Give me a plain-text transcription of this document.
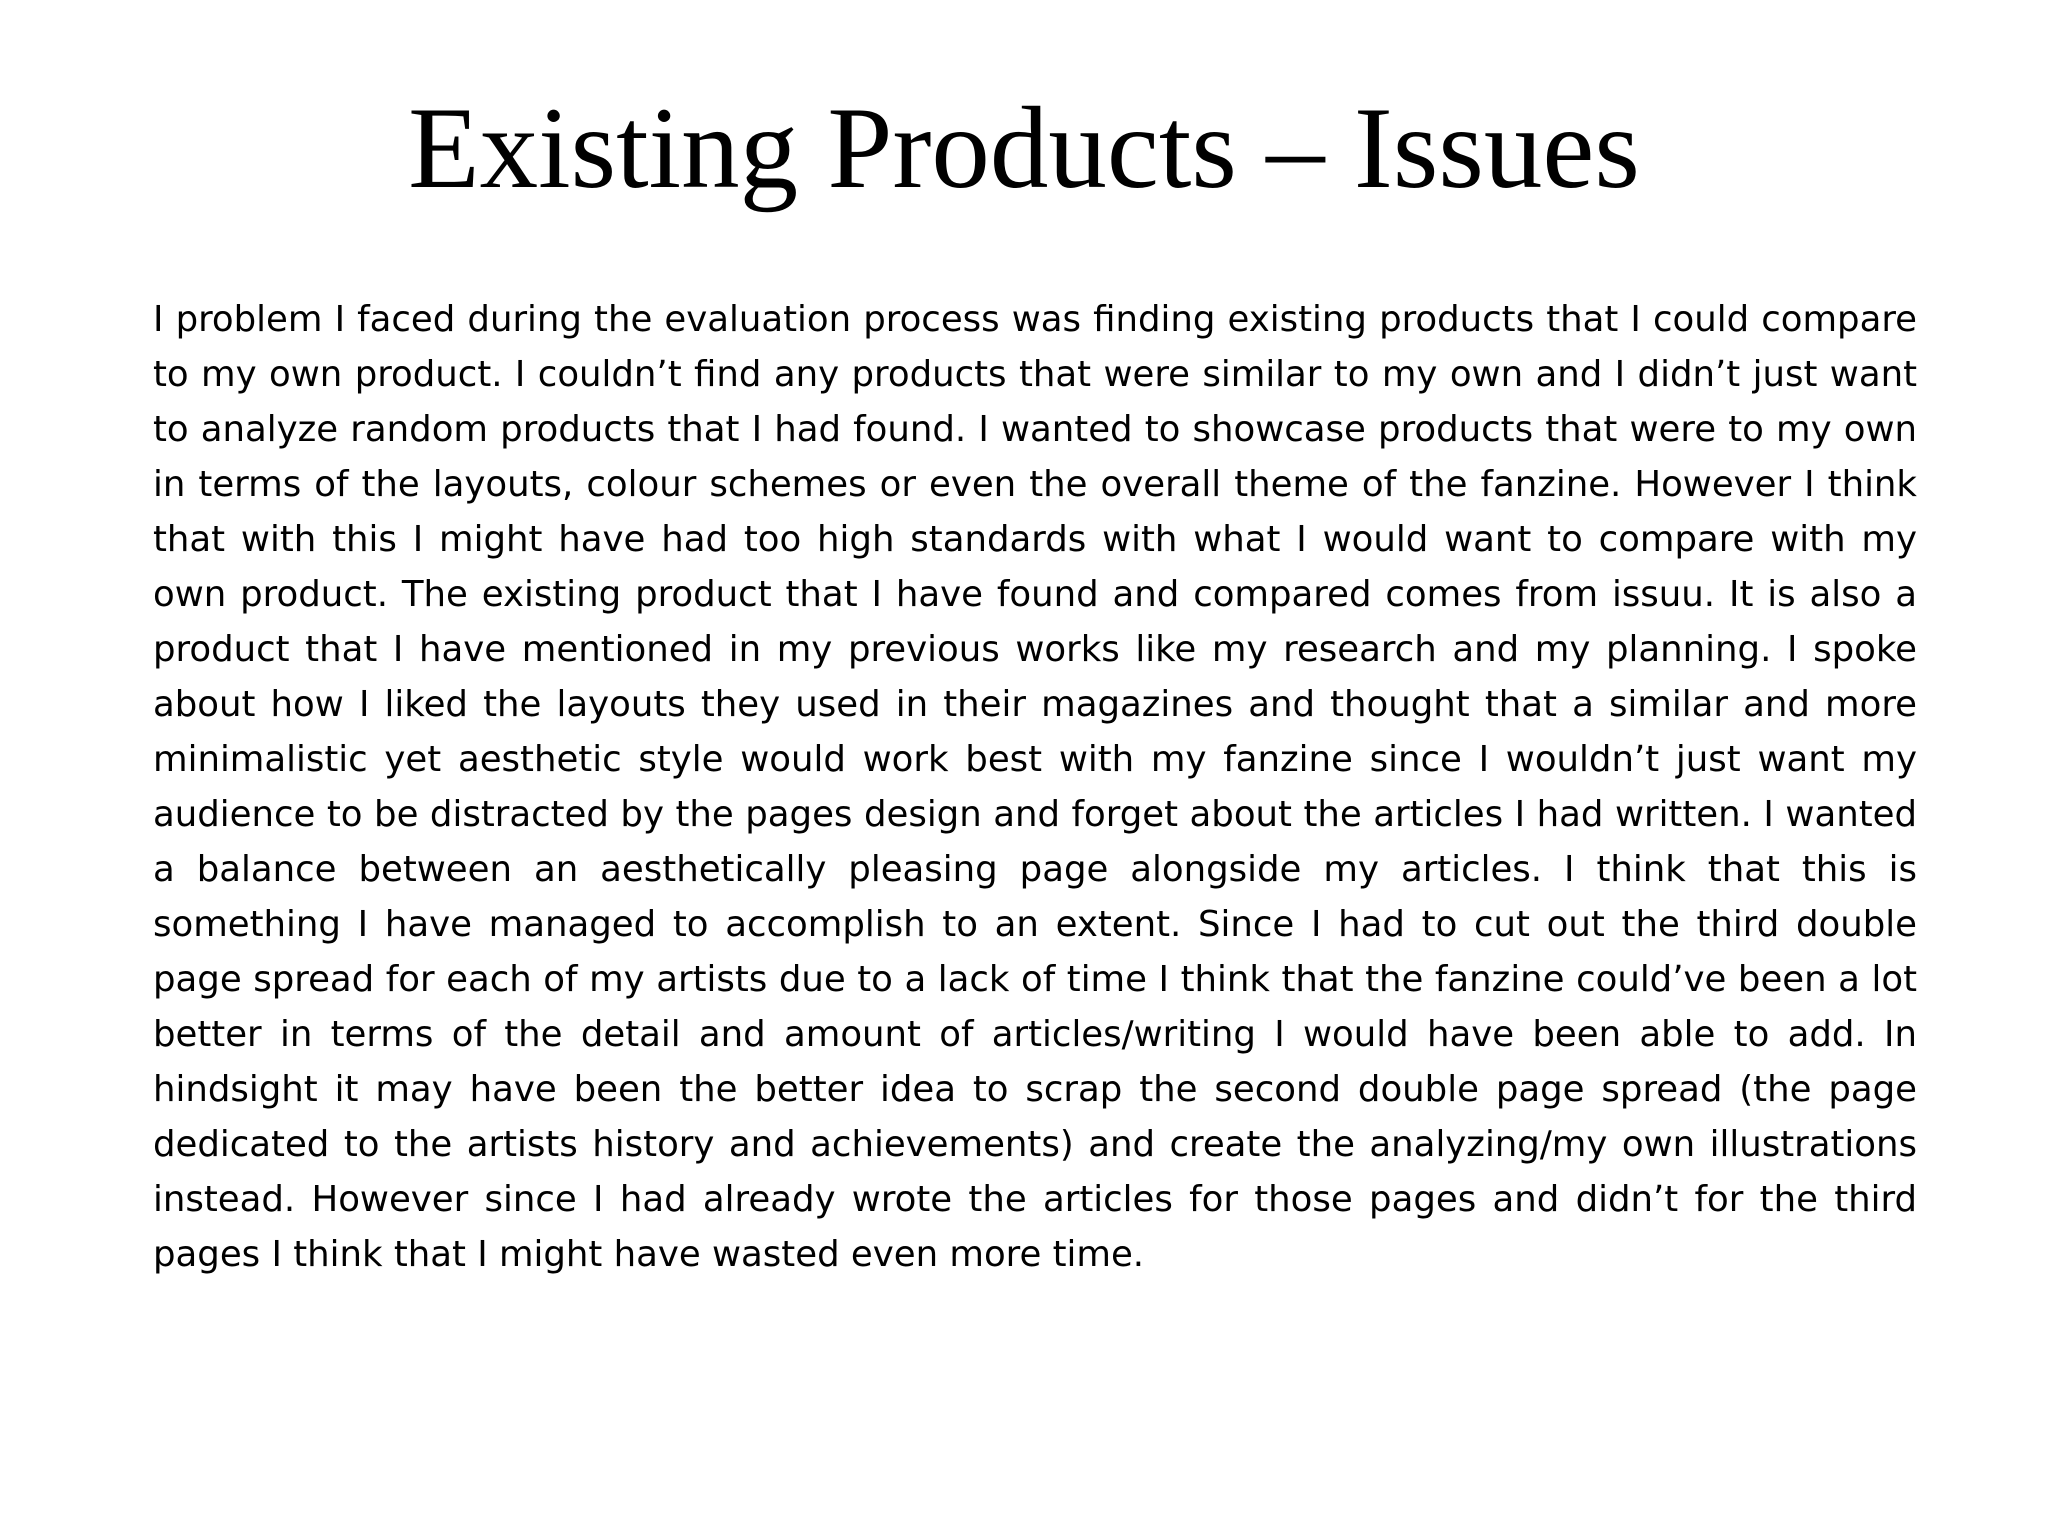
Existing Products – Issues

I problem I faced during the evaluation process was finding existing products that I could compare to my own product. I couldn’t find any products that were similar to my own and I didn’t just want to analyze random products that I had found. I wanted to showcase products that were to my own in terms of the layouts, colour schemes or even the overall theme of the fanzine. However I think that with this I might have had too high standards with what I would want to compare with my own product. The existing product that I have found and compared comes from issuu. It is also a product that I have mentioned in my previous works like my research and my planning. I spoke about how I liked the layouts they used in their magazines and thought that a similar and more minimalistic yet aesthetic style would work best with my fanzine since I wouldn’t just want my audience to be distracted by the pages design and forget about the articles I had written. I wanted a balance between an aesthetically pleasing page alongside my articles. I think that this is something I have managed to accomplish to an extent. Since I had to cut out the third double page spread for each of my artists due to a lack of time I think that the fanzine could’ve been a lot better in terms of the detail and amount of articles/writing I would have been able to add. In hindsight it may have been the better idea to scrap the second double page spread (the page dedicated to the artists history and achievements) and create the analyzing/my own illustrations instead. However since I had already wrote the articles for those pages and didn’t for the third pages I think that I might have wasted even more time.
